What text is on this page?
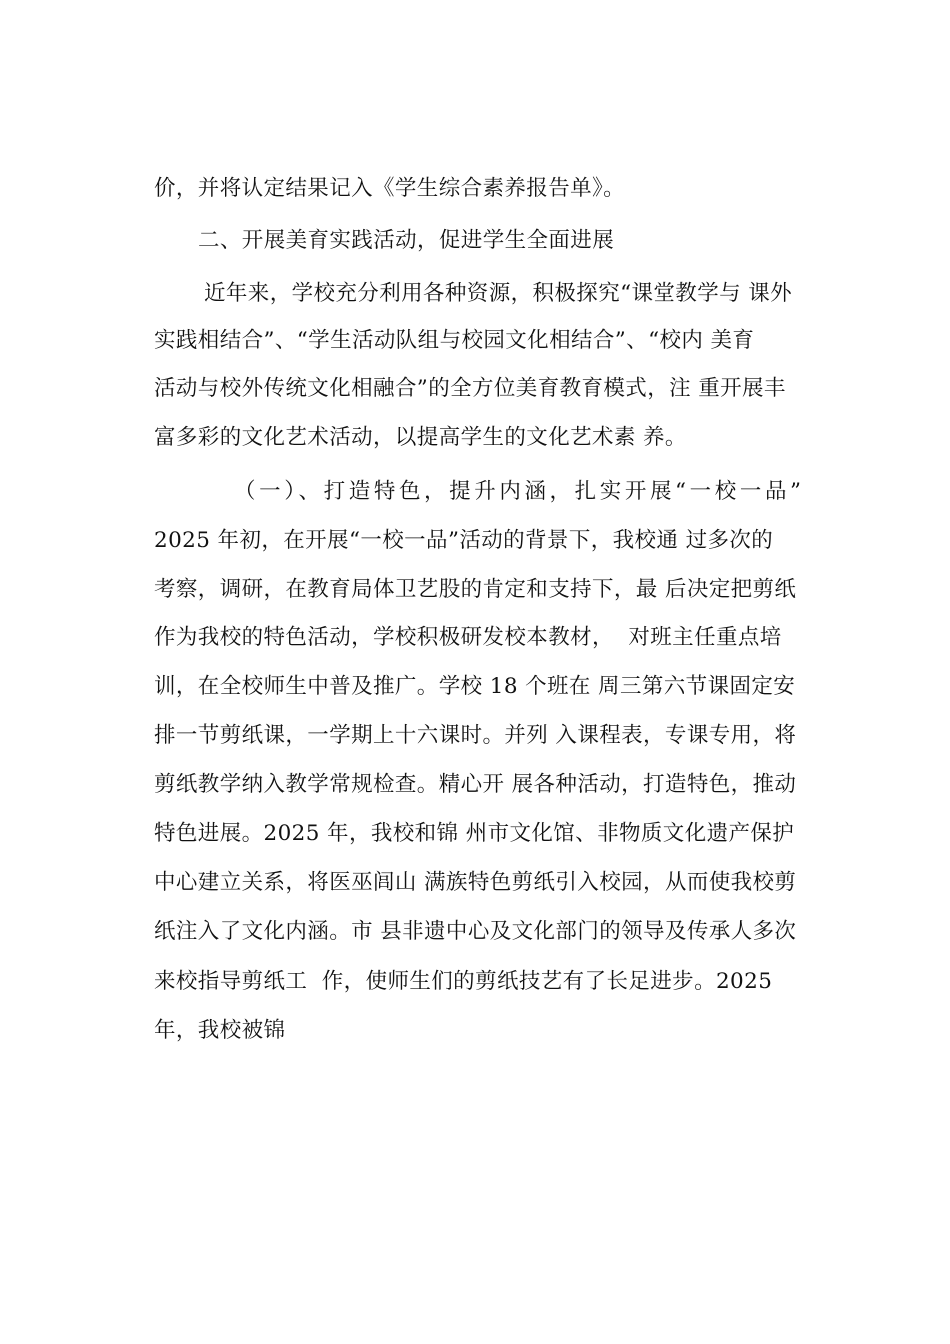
价，并将认定结果记入《学生综合素养报告单》。
二、开展美育实践活动，促进学生全面进展
近年来，学校充分利用各种资源，积极探究“课堂教学与 课外
实践相结合”、“学生活动队组与校园文化相结合”、“校内 美育
活动与校外传统文化相融合”的全方位美育教育模式，注 重开展丰
富多彩的文化艺术活动，以提高学生的文化艺术素 养。
（一）、打造特色，提升内涵，扎实开展“一校一品”
2025 年初，在开展“一校一品”活动的背景下，我校通 过多次的
考察，调研，在教育局体卫艺股的肯定和支持下，最 后决定把剪纸
作为我校的特色活动，学校积极研发校本教材，  对班主任重点培
训，在全校师生中普及推广。学校 18 个班在 周三第六节课固定安
排一节剪纸课，一学期上十六课时。并列 入课程表，专课专用，将
剪纸教学纳入教学常规检查。精心开 展各种活动，打造特色，推动
特色进展。2025 年，我校和锦 州市文化馆、非物质文化遗产保护
中心建立关系，将医巫闾山 满族特色剪纸引入校园，从而使我校剪
纸注入了文化内涵。市 县非遗中心及文化部门的领导及传承人多次
来校指导剪纸工  作，使师生们的剪纸技艺有了长足进步。2025
年，我校被锦
